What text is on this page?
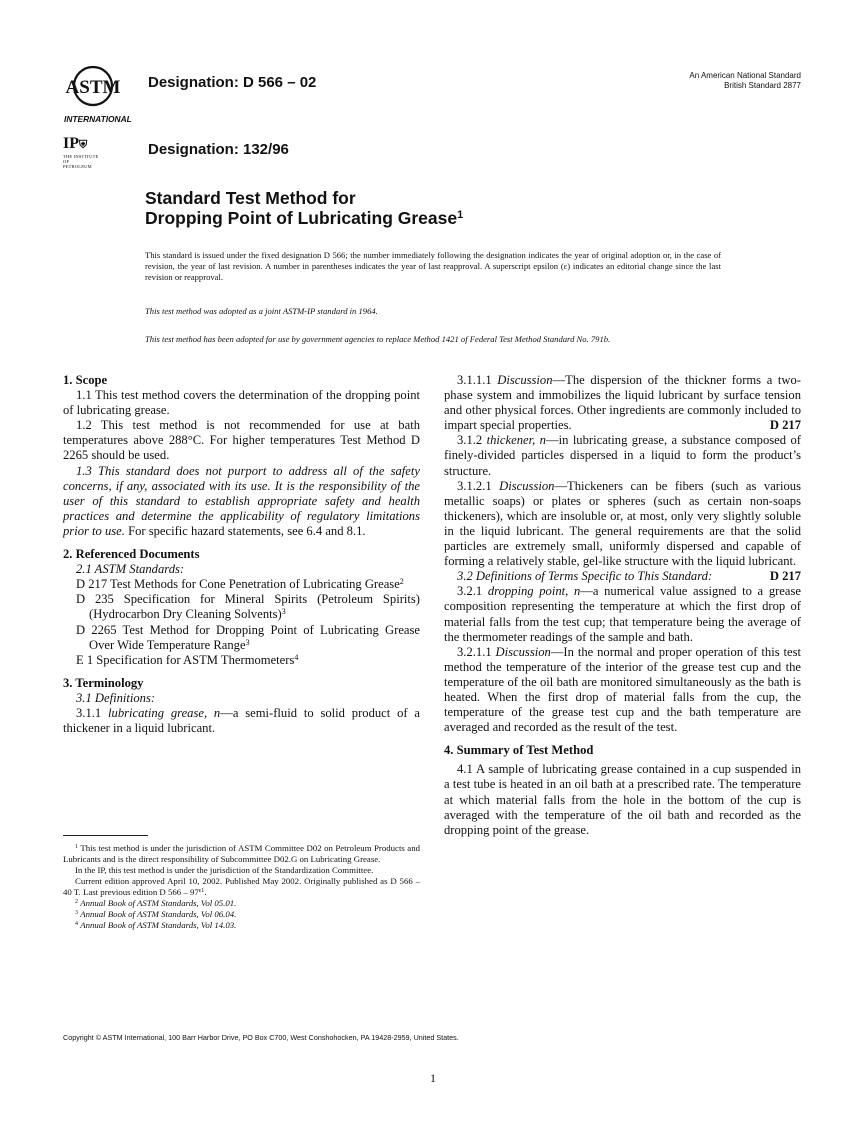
ASTM
INTERNATIONAL
IP⛨
THE INSTITUTE OF PETROLEUM
Designation: D 566 – 02
Designation: 132/96
An American National Standard
British Standard 2877
Standard Test Method for
Dropping Point of Lubricating Grease$^1$
This standard is issued under the fixed designation D 566; the number immediately following the designation indicates the year of original adoption or, in the case of revision, the year of last revision. A number in parentheses indicates the year of last reapproval. A superscript epsilon (ε) indicates an editorial change since the last revision or reapproval.
This test method was adopted as a joint ASTM-IP standard in 1964.
This test method has been adopted for use by government agencies to replace Method 1421 of Federal Test Method Standard No. 791b.
1. Scope

1.1 This test method covers the determination of the dropping point of lubricating grease.

1.2 This test method is not recommended for use at bath temperatures above 288°C. For higher temperatures Test Method D 2265 should be used.

1.3 This standard does not purport to address all of the safety concerns, if any, associated with its use. It is the responsibility of the user of this standard to establish appropriate safety and health practices and determine the applicability of regulatory limitations prior to use. For specific hazard statements, see 6.4 and 8.1.

2. Referenced Documents

2.1 ASTM Standards:

D 217 Test Methods for Cone Penetration of Lubricating Grease$^2$

D 235 Specification for Mineral Spirits (Petroleum Spirits) (Hydrocarbon Dry Cleaning Solvents)$^3$

D 2265 Test Method for Dropping Point of Lubricating Grease Over Wide Temperature Range$^3$

E 1 Specification for ASTM Thermometers$^4$

3. Terminology

3.1 Definitions:

3.1.1 lubricating grease, n—a semi-fluid to solid product of a thickener in a liquid lubricant.

3.1.1.1 Discussion—The dispersion of the thickner forms a two-phase system and immobilizes the liquid lubricant by surface tension and other physical forces. Other ingredients are commonly included to impart special properties.	D 217

3.1.2 thickener, n—in lubricating grease, a substance composed of finely-divided particles dispersed in a liquid to form the product’s structure.

3.1.2.1 Discussion—Thickeners can be fibers (such as various metallic soaps) or plates or spheres (such as certain non-soaps thickeners), which are insoluble or, at most, only very slightly soluble in the liquid lubricant. The general requirements are that the solid particles are extremely small, uniformly dispersed and capable of forming a relatively stable, gel-like structure with the liquid lubricant.
D 217

3.2 Definitions of Terms Specific to This Standard:

3.2.1 dropping point, n—a numerical value assigned to a grease composition representing the temperature at which the first drop of material falls from the test cup; that temperature being the average of the thermometer readings of the sample and bath.

3.2.1.1 Discussion—In the normal and proper operation of this test method the temperature of the interior of the grease test cup and the temperature of the oil bath are monitored simultaneously as the bath is heated. When the first drop of material falls from the cup, the temperature of the grease test cup and the bath temperature are averaged and recorded as the result of the test.

4. Summary of Test Method

4.1 A sample of lubricating grease contained in a cup suspended in a test tube is heated in an oil bath at a prescribed rate. The temperature at which material falls from the hole in the bottom of the cup is averaged with the temperature of the oil bath and recorded as the dropping point of the grease.

$^1$ This test method is under the jurisdiction of ASTM Committee D02 on Petroleum Products and Lubricants and is the direct responsibility of Subcommittee D02.G on Lubricating Grease.

In the IP, this test method is under the jurisdiction of the Standardization Committee.

Current edition approved April 10, 2002. Published May 2002. Originally published as D 566 – 40 T. Last previous edition D $566 - 97^{\varepsilon 1}$.

$^2$ Annual Book of ASTM Standards, Vol 05.01.

$^3$ Annual Book of ASTM Standards, Vol 06.04.

$^4$ Annual Book of ASTM Standards, Vol 14.03.

Copyright © ASTM International, 100 Barr Harbor Drive, PO Box C700, West Conshohocken, PA 19428-2959, United States.
1
